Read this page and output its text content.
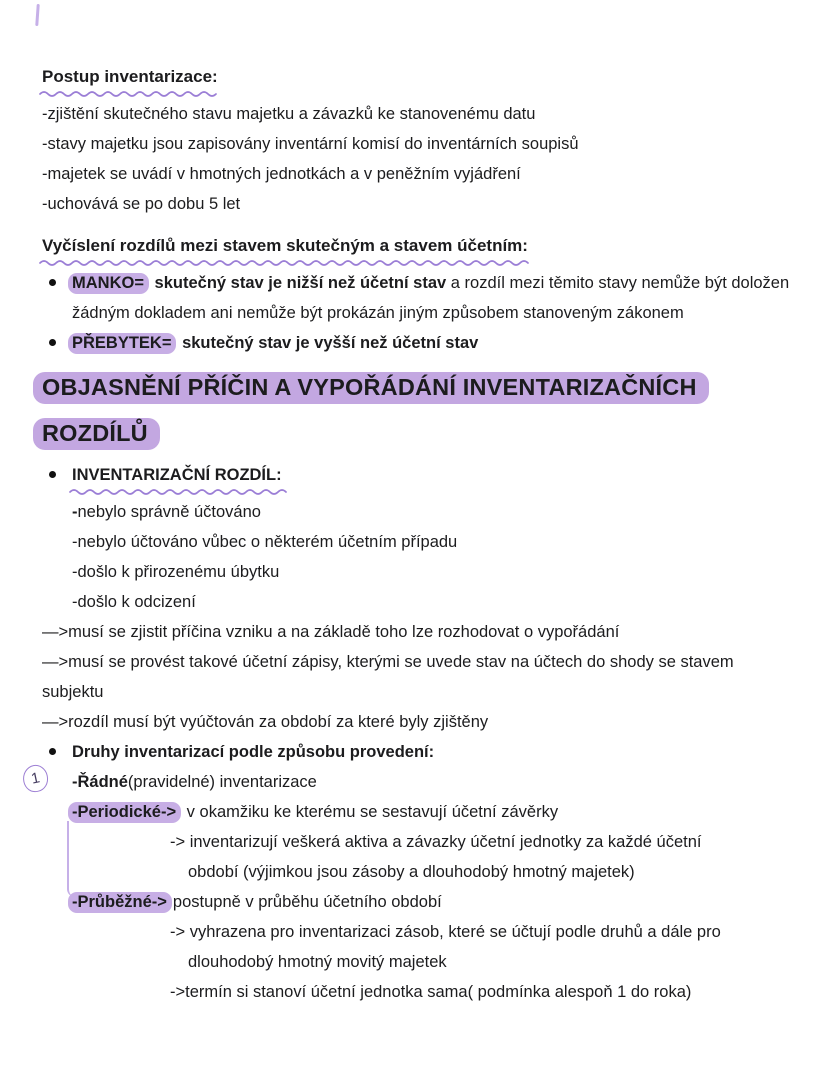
Postup inventarizace:
-zjištění skutečného stavu majetku a závazků ke stanovenému datu
-stavy majetku jsou zapisovány inventární komisí do inventárních soupisů
-majetek se uvádí v hmotných jednotkách a v peněžním vyjádření
-uchovává se po dobu 5 let
Vyčíslení rozdílů mezi stavem skutečným a stavem účetním:
MANKO= skutečný stav je nižší než účetní stav a rozdíl mezi těmito stavy nemůže být doložen žádným dokladem ani nemůže být prokázán jiným způsobem stanoveným zákonem
PŘEBYTEK= skutečný stav je vyšší než účetní stav
OBJASNĚNÍ PŘÍČIN A VYPOŘÁDÁNÍ INVENTARIZAČNÍCH
ROZDÍLŮ
INVENTARIZAČNÍ ROZDÍL:
-nebylo správně účtováno
-nebylo účtováno vůbec o některém účetním případu
-došlo k přirozenému úbytku
-došlo k odcizení
—>musí se zjistit příčina vzniku a na základě toho lze rozhodovat o vypořádání
—>musí se provést takové účetní zápisy, kterými se uvede stav na účtech do shody se stavem subjektu
—>rozdíl musí být vyúčtován za období za které byly zjištěny
Druhy inventarizací podle způsobu provedení:
-Řádné(pravidelné) inventarizace
1
-Periodické-> v okamžiku ke kterému se sestavují účetní závěrky
-> inventarizují veškerá aktiva a závazky účetní jednotky za každé účetní
období (výjimkou jsou zásoby a dlouhodobý hmotný majetek)
-Průběžné-> postupně v průběhu účetního období
-> vyhrazena pro inventarizaci zásob, které se účtují podle druhů a dále pro
dlouhodobý hmotný movitý majetek
->termín si stanoví účetní jednotka sama( podmínka alespoň 1 do roka)
